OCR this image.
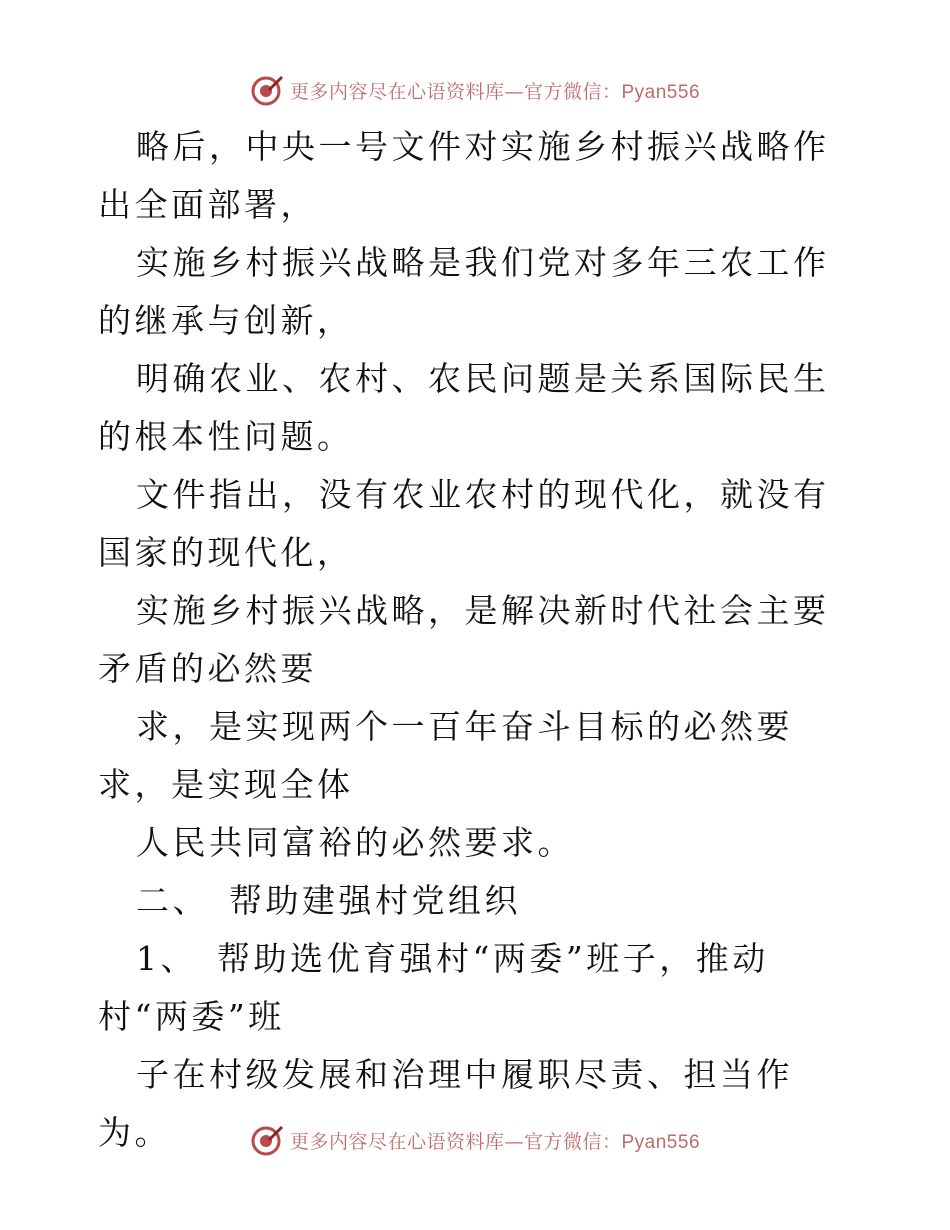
更多内容尽在心语资料库—官方微信：Pyan556

略后，中央一号文件对实施乡村振兴战略作出全面部署，

实施乡村振兴战略是我们党对多年三农工作的继承与创新，

明确农业、农村、农民问题是关系国际民生的根本性问题。

文件指出，没有农业农村的现代化，就没有国家的现代化，

实施乡村振兴战略，是解决新时代社会主要矛盾的必然要

求，是实现两个一百年奋斗目标的必然要求，是实现全体

人民共同富裕的必然要求。

二、　帮助建强村党组织

1、　帮助选优育强村“两委”班子，推动村“两委”班

子在村级发展和治理中履职尽责、担当作为。	更多内容尽在心语资料库—官方微信：Pyan556
